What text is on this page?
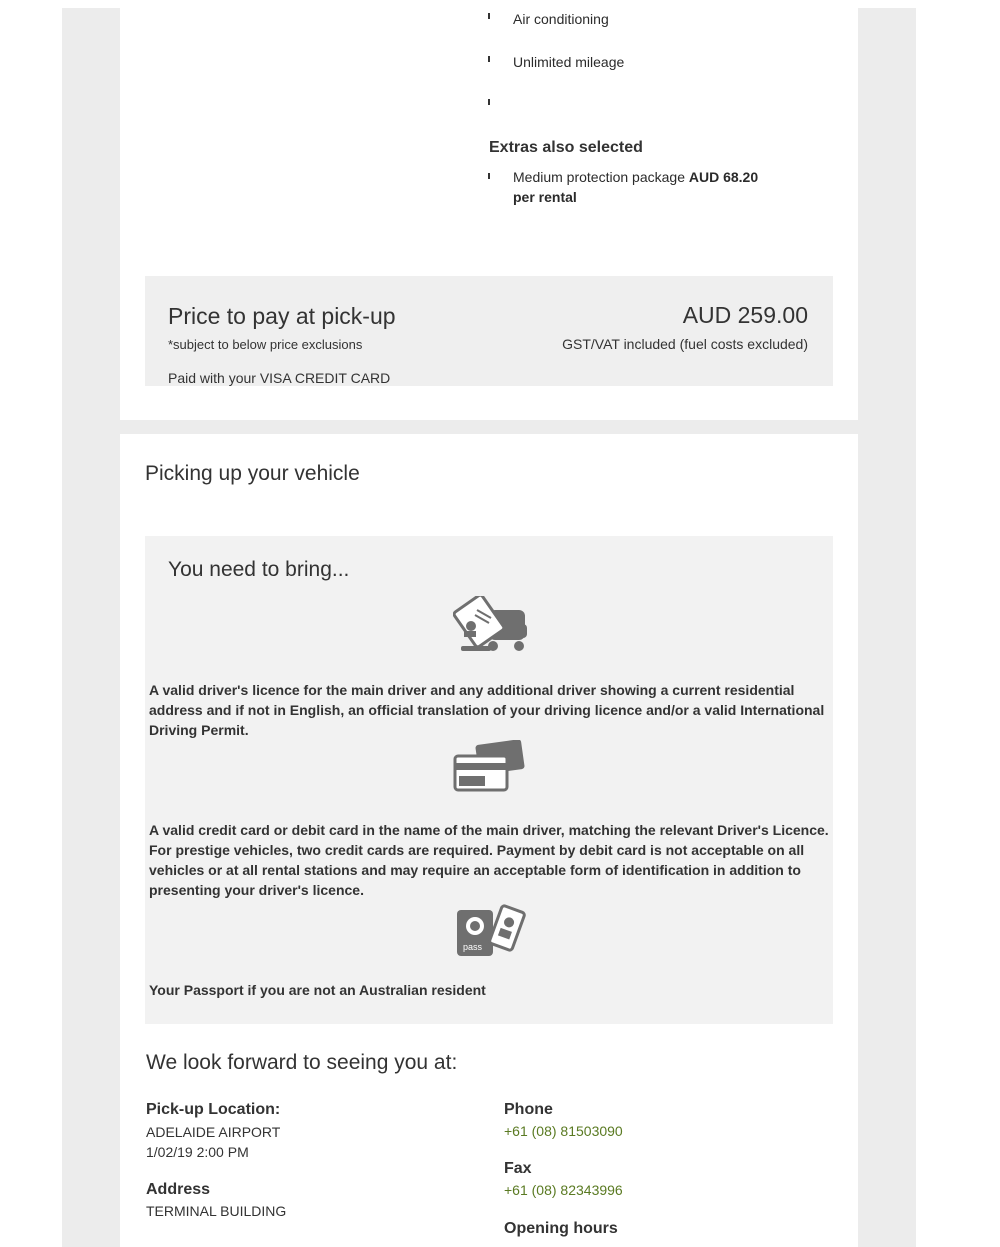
Air conditioning
Unlimited mileage
Extras also selected
Medium protection package AUD 68.20
per rental
Price to pay at pick-up
*subject to below price exclusions
Paid with your VISA CREDIT CARD
AUD 259.00
GST/VAT included (fuel costs excluded)
Picking up your vehicle
You need to bring...
A valid driver's licence for the main driver and any additional driver showing a current residential address and if not in English, an official translation of your driving licence and/or a valid International Driving Permit.
A valid credit card or debit card in the name of the main driver, matching the relevant Driver's Licence. For prestige vehicles, two credit cards are required. Payment by debit card is not acceptable on all vehicles or at all rental stations and may require an acceptable form of identification in addition to presenting your driver's licence.
pass
Your Passport if you are not an Australian resident
We look forward to seeing you at:
Pick-up Location:
ADELAIDE AIRPORT
1/02/19 2:00 PM
Address
TERMINAL BUILDING
Phone
+61 (08) 81503090
Fax
+61 (08) 82343996
Opening hours
